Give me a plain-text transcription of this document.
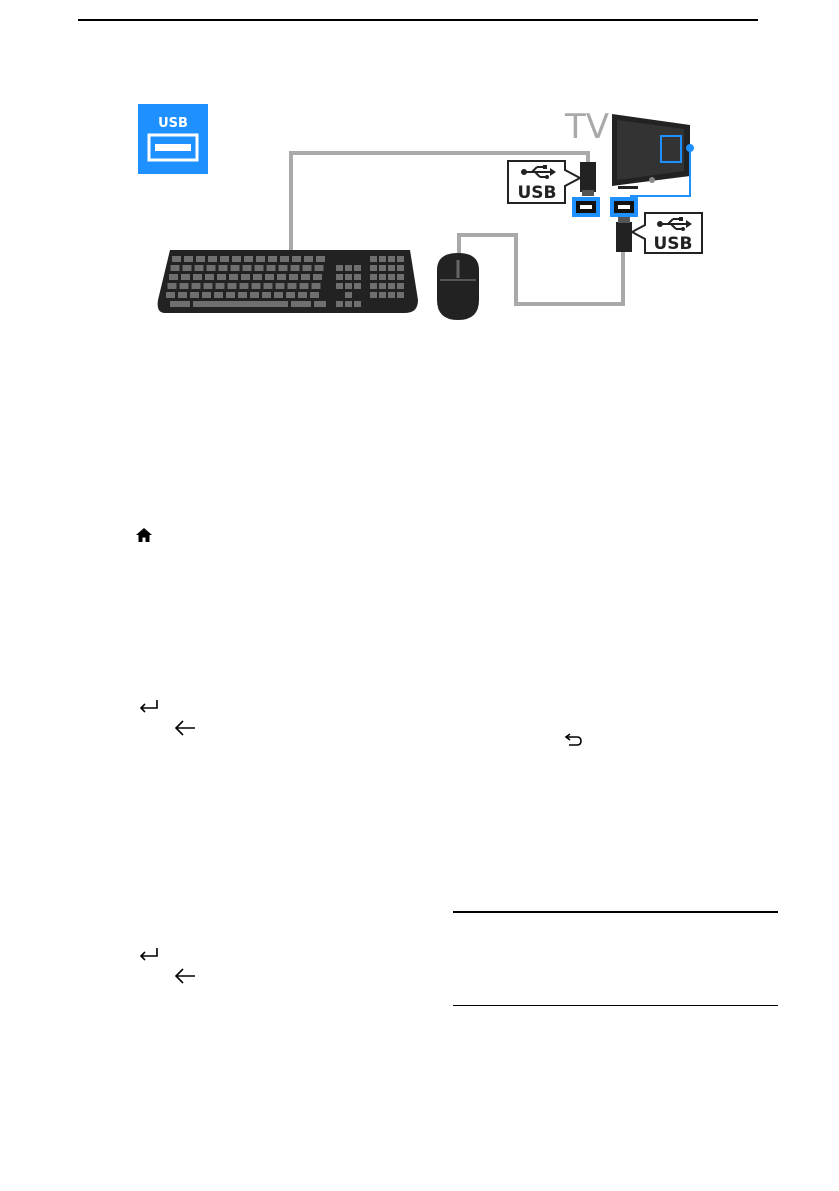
USB	TV
USB
USB
